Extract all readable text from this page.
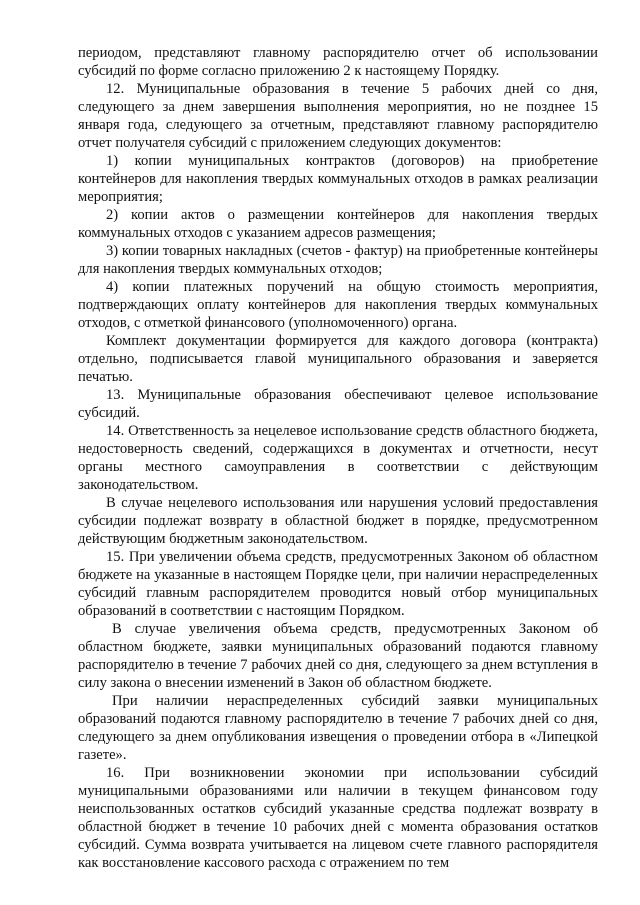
периодом, представляют главному распорядителю отчет об использовании субсидий по форме согласно приложению 2 к настоящему Порядку.

12. Муниципальные образования в течение 5 рабочих дней со дня, следующего за днем завершения выполнения мероприятия, но не позднее 15 января года, следующего за отчетным, представляют главному распорядителю отчет получателя субсидий с приложением следующих документов:

1) копии муниципальных контрактов (договоров) на приобретение контейнеров для накопления твердых коммунальных отходов в рамках реализации мероприятия;

2) копии актов о размещении контейнеров для накопления твердых коммунальных отходов с указанием адресов размещения;

3) копии товарных накладных (счетов - фактур) на приобретенные контейнеры для накопления твердых коммунальных отходов;

4) копии платежных поручений на общую стоимость мероприятия, подтверждающих оплату контейнеров для накопления твердых коммунальных отходов, с отметкой финансового (уполномоченного) органа.

Комплект документации формируется для каждого договора (контракта) отдельно, подписывается главой муниципального образования и заверяется печатью.

13. Муниципальные образования обеспечивают целевое использование субсидий.

14. Ответственность за нецелевое использование средств областного бюджета, недостоверность сведений, содержащихся в документах и отчетности, несут органы местного самоуправления в соответствии с действующим законодательством.

В случае нецелевого использования или нарушения условий предоставления субсидии подлежат возврату в областной бюджет в порядке, предусмотренном действующим бюджетным законодательством.

15. При увеличении объема средств, предусмотренных Законом об областном бюджете на указанные в настоящем Порядке цели, при наличии нераспределенных субсидий главным распорядителем проводится новый отбор муниципальных образований в соответствии с настоящим Порядком.

В случае увеличения объема средств, предусмотренных Законом об областном бюджете, заявки муниципальных образований подаются главному распорядителю в течение 7 рабочих дней со дня, следующего за днем вступления в силу закона о внесении изменений в Закон об областном бюджете.

При наличии нераспределенных субсидий заявки муниципальных образований подаются главному распорядителю в течение 7 рабочих дней со дня, следующего за днем опубликования извещения о проведении отбора в «Липецкой газете».

16. При возникновении экономии при использовании субсидий муниципальными образованиями или наличии в текущем финансовом году неиспользованных остатков субсидий указанные средства подлежат возврату в областной бюджет в течение 10 рабочих дней с момента образования остатков субсидий. Сумма возврата учитывается на лицевом счете главного распорядителя как восстановление кассового расхода с отражением по тем
